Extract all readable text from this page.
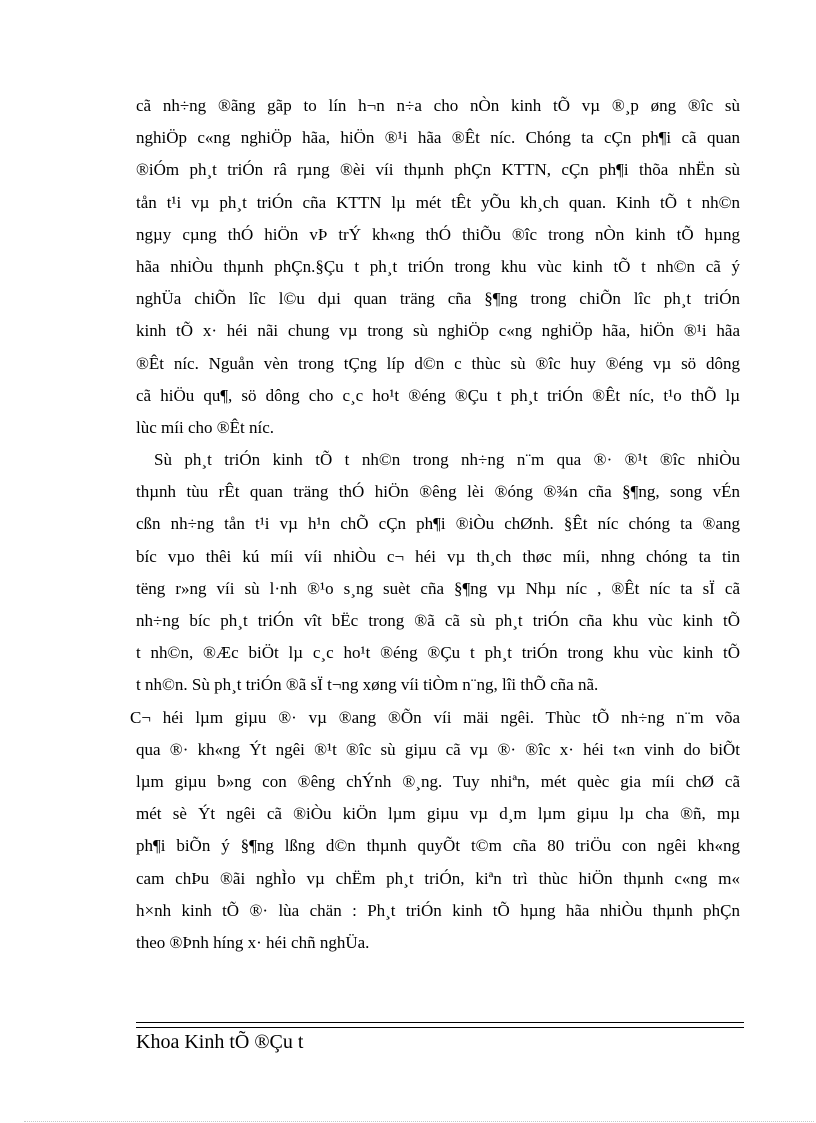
cã nh÷ng ®ãng gãp to lín h¬n n÷a cho nÒn kinh tÕ vµ ®¸p øng ®îc sù
nghiÖp c«ng nghiÖp hãa, hiÖn ®¹i hãa ®Êt níc. Chóng ta cÇn ph¶i cã quan
®iÓm ph¸t triÓn râ rµng ®èi víi thµnh phÇn KTTN, cÇn ph¶i thõa nhËn sù
tån t¹i vµ ph¸t triÓn cña KTTN lµ mét tÊt yÕu kh¸ch quan. Kinh tÕ t nh©n
ngµy cµng thÓ hiÖn vÞ trÝ kh«ng thÓ thiÕu ®îc trong nÒn kinh tÕ hµng
hãa nhiÒu thµnh phÇn.§Çu t ph¸t triÓn trong khu vùc kinh tÕ t nh©n cã ý
nghÜa chiÕn lîc l©u dµi quan träng cña §¶ng trong chiÕn lîc ph¸t triÓn
kinh tÕ x· héi nãi chung vµ trong sù nghiÖp c«ng nghiÖp hãa, hiÖn ®¹i hãa
®Êt níc. Nguån vèn trong tÇng líp d©n c thùc sù ®îc huy ®éng vµ sö dông
cã hiÖu qu¶, sö dông cho c¸c ho¹t ®éng ®Çu t ph¸t triÓn ®Êt níc, t¹o thÕ lµ
lùc míi cho ®Êt níc.
Sù ph¸t triÓn kinh tÕ t nh©n trong nh÷ng n¨m qua ®· ®¹t ®îc nhiÒu
thµnh tùu rÊt quan träng thÓ hiÖn ®êng lèi ®óng ®¾n cña §¶ng, song vÉn
cßn nh÷ng tån t¹i vµ h¹n chÕ cÇn ph¶i ®iÒu chØnh. §Êt níc chóng ta ®ang
bíc vµo thêi kú míi víi nhiÒu c¬ héi vµ th¸ch thøc míi, nhng chóng ta tin
tëng r»ng víi sù l·nh ®¹o s¸ng suèt cña §¶ng vµ Nhµ níc , ®Êt níc ta sÏ cã
nh÷ng bíc ph¸t triÓn vît bËc trong ®ã cã sù ph¸t triÓn cña khu vùc kinh tÕ
t nh©n, ®Æc biÖt lµ c¸c ho¹t ®éng ®Çu t ph¸t triÓn trong khu vùc kinh tÕ
t nh©n. Sù ph¸t triÓn ®ã sÏ t¬ng xøng víi tiÒm n¨ng, lîi thÕ cña nã.
C¬ héi lµm giµu ®· vµ ®ang ®Õn víi mäi ngêi. Thùc tÕ nh÷ng n¨m võa
qua ®· kh«ng Ýt ngêi ®¹t ®îc sù giµu cã vµ ®· ®îc x· héi t«n vinh do biÕt
lµm giµu b»ng con ®êng chÝnh ®¸ng. Tuy nhiªn, mét quèc gia míi chØ cã
mét sè Ýt ngêi cã ®iÒu kiÖn lµm giµu vµ d¸m lµm giµu lµ cha ®ñ, mµ
ph¶i biÕn ý §¶ng lßng d©n thµnh quyÕt t©m cña 80 triÖu con ngêi kh«ng
cam chÞu ®ãi nghÌo vµ chËm ph¸t triÓn, kiªn trì thùc hiÖn thµnh c«ng m«
h×nh kinh tÕ ®· lùa chän : Ph¸t triÓn kinh tÕ hµng hãa nhiÒu thµnh phÇn
theo ®Þnh híng x· héi chñ nghÜa.
Khoa Kinh tÕ ®Çu t
